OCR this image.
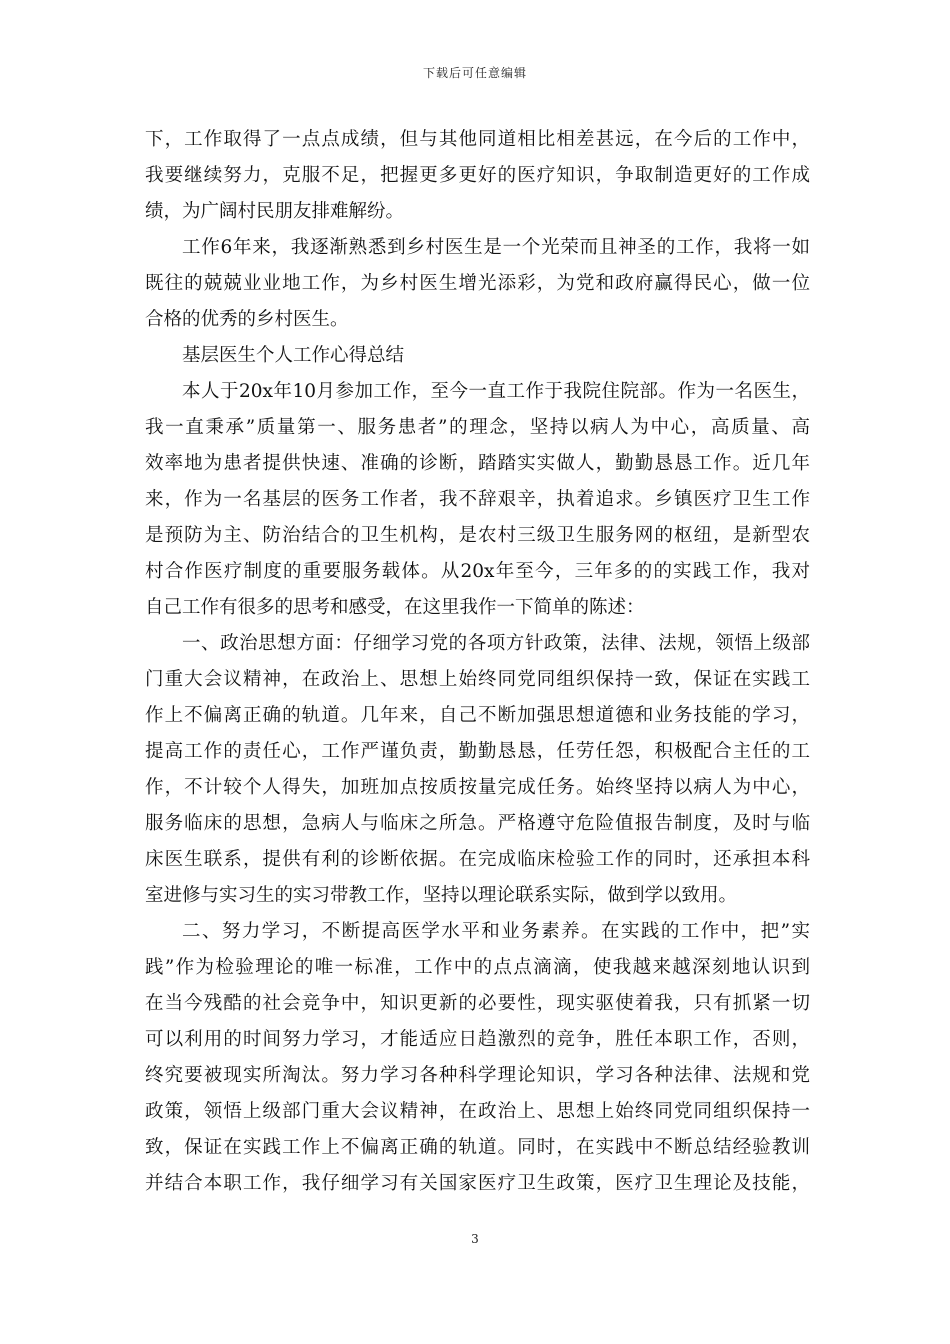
下载后可任意编辑
下，工作取得了一点点成绩，但与其他同道相比相差甚远，在今后的工作中，
我要继续努力，克服不足，把握更多更好的医疗知识，争取制造更好的工作成
绩，为广阔村民朋友排难解纷。
工作6年来，我逐渐熟悉到乡村医生是一个光荣而且神圣的工作，我将一如
既往的兢兢业业地工作，为乡村医生增光添彩，为党和政府赢得民心，做一位
合格的优秀的乡村医生。
基层医生个人工作心得总结
本人于20x年10月参加工作，至今一直工作于我院住院部。作为一名医生，
我一直秉承”质量第一、服务患者”的理念，坚持以病人为中心，高质量、高
效率地为患者提供快速、准确的诊断，踏踏实实做人，勤勤恳恳工作。近几年
来，作为一名基层的医务工作者，我不辞艰辛，执着追求。乡镇医疗卫生工作
是预防为主、防治结合的卫生机构，是农村三级卫生服务网的枢纽，是新型农
村合作医疗制度的重要服务载体。从20x年至今，三年多的的实践工作，我对
自己工作有很多的思考和感受，在这里我作一下简单的陈述：
一、政治思想方面：仔细学习党的各项方针政策，法律、法规，领悟上级部
门重大会议精神，在政治上、思想上始终同党同组织保持一致，保证在实践工
作上不偏离正确的轨道。几年来，自己不断加强思想道德和业务技能的学习，
提高工作的责任心，工作严谨负责，勤勤恳恳，任劳任怨，积极配合主任的工
作，不计较个人得失，加班加点按质按量完成任务。始终坚持以病人为中心，
服务临床的思想，急病人与临床之所急。严格遵守危险值报告制度，及时与临
床医生联系，提供有利的诊断依据。在完成临床检验工作的同时，还承担本科
室进修与实习生的实习带教工作，坚持以理论联系实际，做到学以致用。
二、努力学习，不断提高医学水平和业务素养。在实践的工作中，把”实
践”作为检验理论的唯一标准，工作中的点点滴滴，使我越来越深刻地认识到
在当今残酷的社会竞争中，知识更新的必要性，现实驱使着我，只有抓紧一切
可以利用的时间努力学习，才能适应日趋激烈的竞争，胜任本职工作，否则，
终究要被现实所淘汰。努力学习各种科学理论知识，学习各种法律、法规和党
政策，领悟上级部门重大会议精神，在政治上、思想上始终同党同组织保持一
致，保证在实践工作上不偏离正确的轨道。同时，在实践中不断总结经验教训
并结合本职工作，我仔细学习有关国家医疗卫生政策，医疗卫生理论及技能，
3
